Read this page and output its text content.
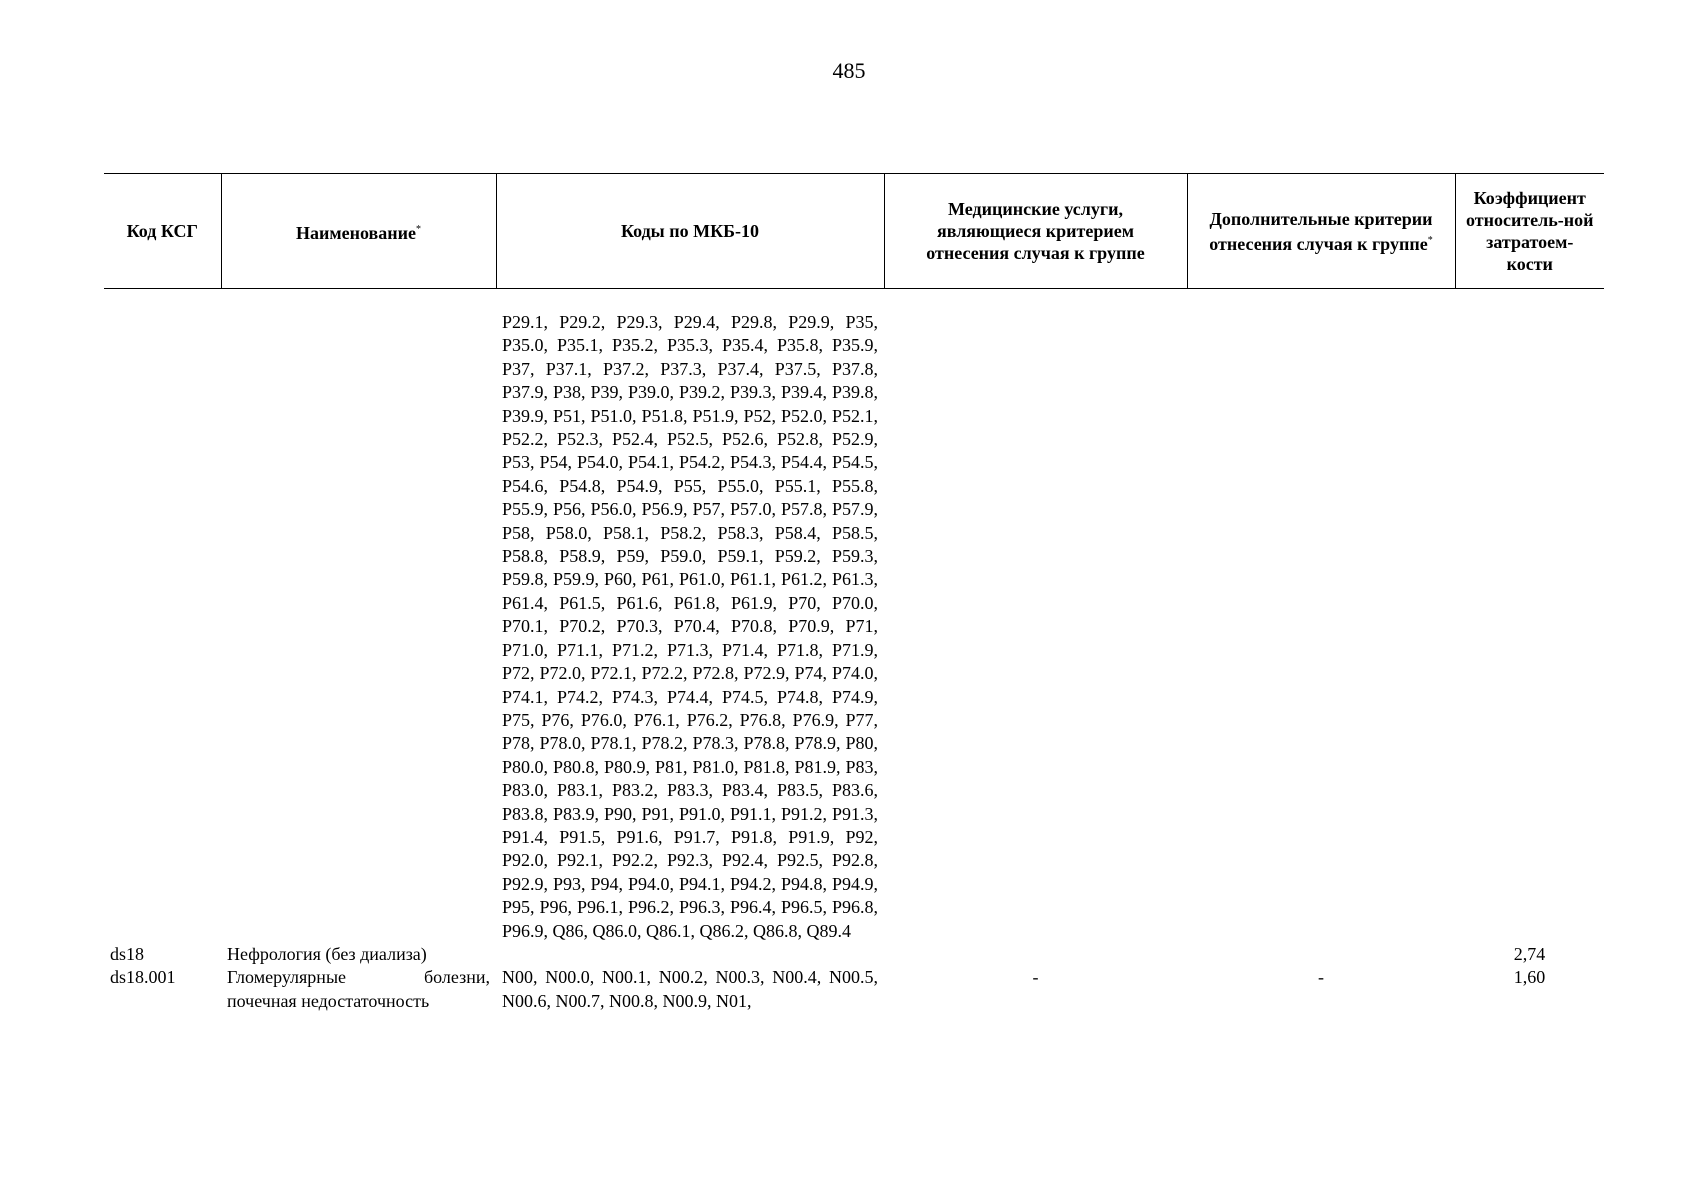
485
Код КСГ	Наименование*	Коды по МКБ-10	Медицинские услуги, являющиеся критерием отнесения случая к группе	Дополнительные критерии отнесения случая к группе*	Коэффициент относитель-ной затратоем-кости

		P29.1, P29.2, P29.3, P29.4, P29.8, P29.9, P35, P35.0, P35.1, P35.2, P35.3, P35.4, P35.8, P35.9, P37, P37.1, P37.2, P37.3, P37.4, P37.5, P37.8, P37.9, P38, P39, P39.0, P39.2, P39.3, P39.4, P39.8, P39.9, P51, P51.0, P51.8, P51.9, P52, P52.0, P52.1, P52.2, P52.3, P52.4, P52.5, P52.6, P52.8, P52.9, P53, P54, P54.0, P54.1, P54.2, P54.3, P54.4, P54.5, P54.6, P54.8, P54.9, P55, P55.0, P55.1, P55.8, P55.9, P56, P56.0, P56.9, P57, P57.0, P57.8, P57.9, P58, P58.0, P58.1, P58.2, P58.3, P58.4, P58.5, P58.8, P58.9, P59, P59.0, P59.1, P59.2, P59.3, P59.8, P59.9, P60, P61, P61.0, P61.1, P61.2, P61.3, P61.4, P61.5, P61.6, P61.8, P61.9, P70, P70.0, P70.1, P70.2, P70.3, P70.4, P70.8, P70.9, P71, P71.0, P71.1, P71.2, P71.3, P71.4, P71.8, P71.9, P72, P72.0, P72.1, P72.2, P72.8, P72.9, P74, P74.0, P74.1, P74.2, P74.3, P74.4, P74.5, P74.8, P74.9, P75, P76, P76.0, P76.1, P76.2, P76.8, P76.9, P77, P78, P78.0, P78.1, P78.2, P78.3, P78.8, P78.9, P80, P80.0, P80.8, P80.9, P81, P81.0, P81.8, P81.9, P83, P83.0, P83.1, P83.2, P83.3, P83.4, P83.5, P83.6, P83.8, P83.9, P90, P91, P91.0, P91.1, P91.2, P91.3, P91.4, P91.5, P91.6, P91.7, P91.8, P91.9, P92, P92.0, P92.1, P92.2, P92.3, P92.4, P92.5, P92.8, P92.9, P93, P94, P94.0, P94.1, P94.2, P94.8, P94.9, P95, P96, P96.1, P96.2, P96.3, P96.4, P96.5, P96.8, P96.9, Q86, Q86.0, Q86.1, Q86.2, Q86.8, Q89.4			
ds18	Нефрология (без диализа)				2,74
ds18.001	Гломерулярные болезни, почечная недостаточность	N00, N00.0, N00.1, N00.2, N00.3, N00.4, N00.5, N00.6, N00.7, N00.8, N00.9, N01,	-	-	1,60
